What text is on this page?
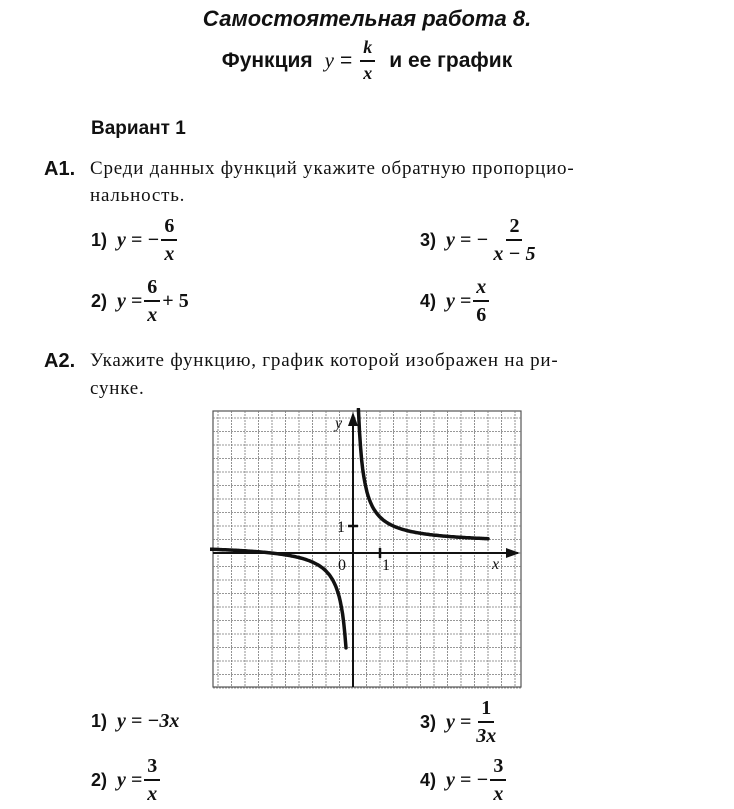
Самостоятельная работа 8.
Функция $y = \frac{k}{x}$ и ее график
Вариант 1
А1. Среди данных функций укажите обратную пропорцио-
нальность.
1) y = − $\frac{6}{x}$
2) $y = \frac{6}{x} + 5$
3) y = − $\frac{2}{x - 5}$
4) $y = \frac{x}{6}$
А2. Укажите функцию, график которой изображен на ри-
сунке.
y
x
0 1
1
1) y = −3x	3) $y = \frac{1}{3x}$
2) $y = \frac{3}{x}$	4) y = − $\frac{3}{x}$
